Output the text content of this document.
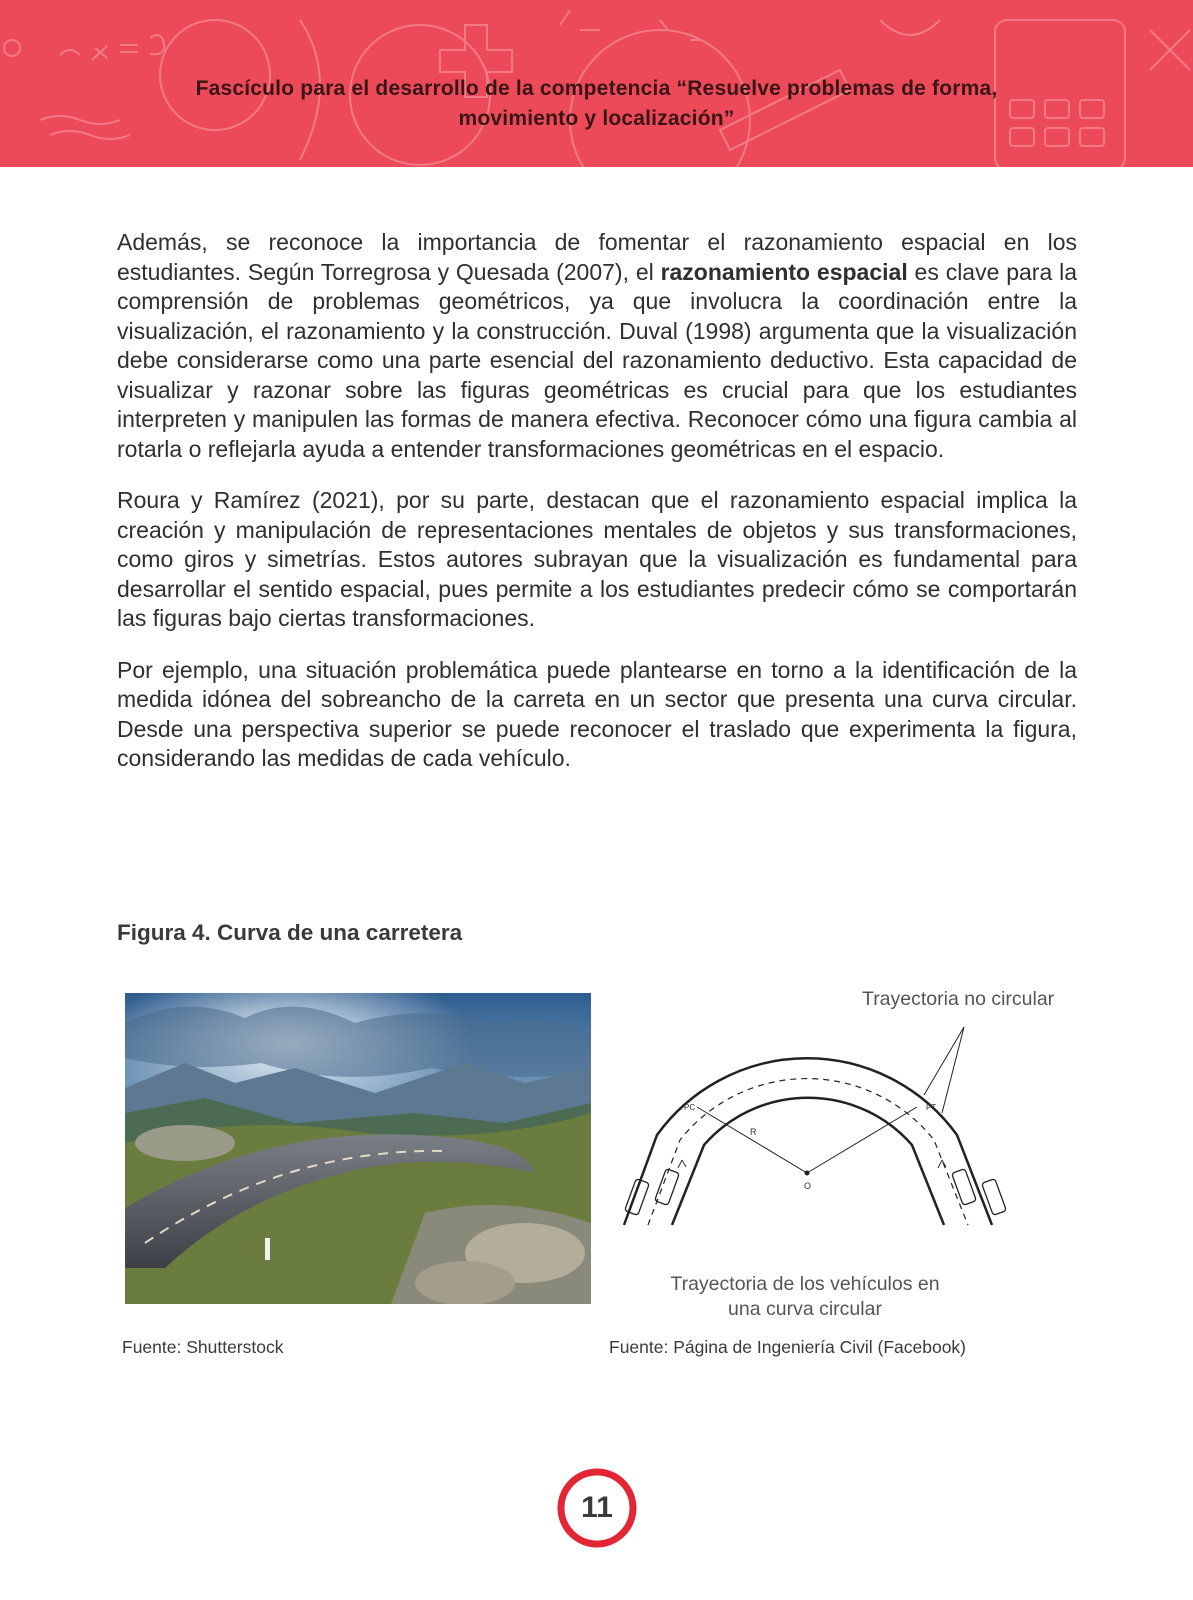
Fascículo para el desarrollo de la competencia “Resuelve problemas de forma,
movimiento y localización”

Además, se reconoce la importancia de fomentar el razonamiento espacial en los estudiantes. Según Torregrosa y Quesada (2007), el razonamiento espacial es clave para la comprensión de problemas geométricos, ya que involucra la coordinación entre la visualización, el razonamiento y la construcción. Duval (1998) argumenta que la visualización debe considerarse como una parte esencial del razonamiento deductivo. Esta capacidad de visualizar y razonar sobre las figuras geométricas es crucial para que los estudiantes interpreten y manipulen las formas de manera efectiva. Reconocer cómo una figura cambia al rotarla o reflejarla ayuda a entender transformaciones geométricas en el espacio.

Roura y Ramírez (2021), por su parte, destacan que el razonamiento espacial implica la creación y manipulación de representaciones mentales de objetos y sus transformaciones, como giros y simetrías. Estos autores subrayan que la visualización es fundamental para desarrollar el sentido espacial, pues permite a los estudiantes predecir cómo se comportarán las figuras bajo ciertas transformaciones.

Por ejemplo, una situación problemática puede plantearse en torno a la identificación de la medida idónea del sobreancho de la carreta en un sector que presenta una curva circular. Desde una perspectiva superior se puede reconocer el traslado que experimenta la figura, considerando las medidas de cada vehículo.

Figura 4. Curva de una carretera
R
O
PC	PT
Trayectoria no circular
Trayectoria de los vehículos en
una curva circular
Fuente: Shutterstock	Fuente: Página de Ingeniería Civil (Facebook)
11
